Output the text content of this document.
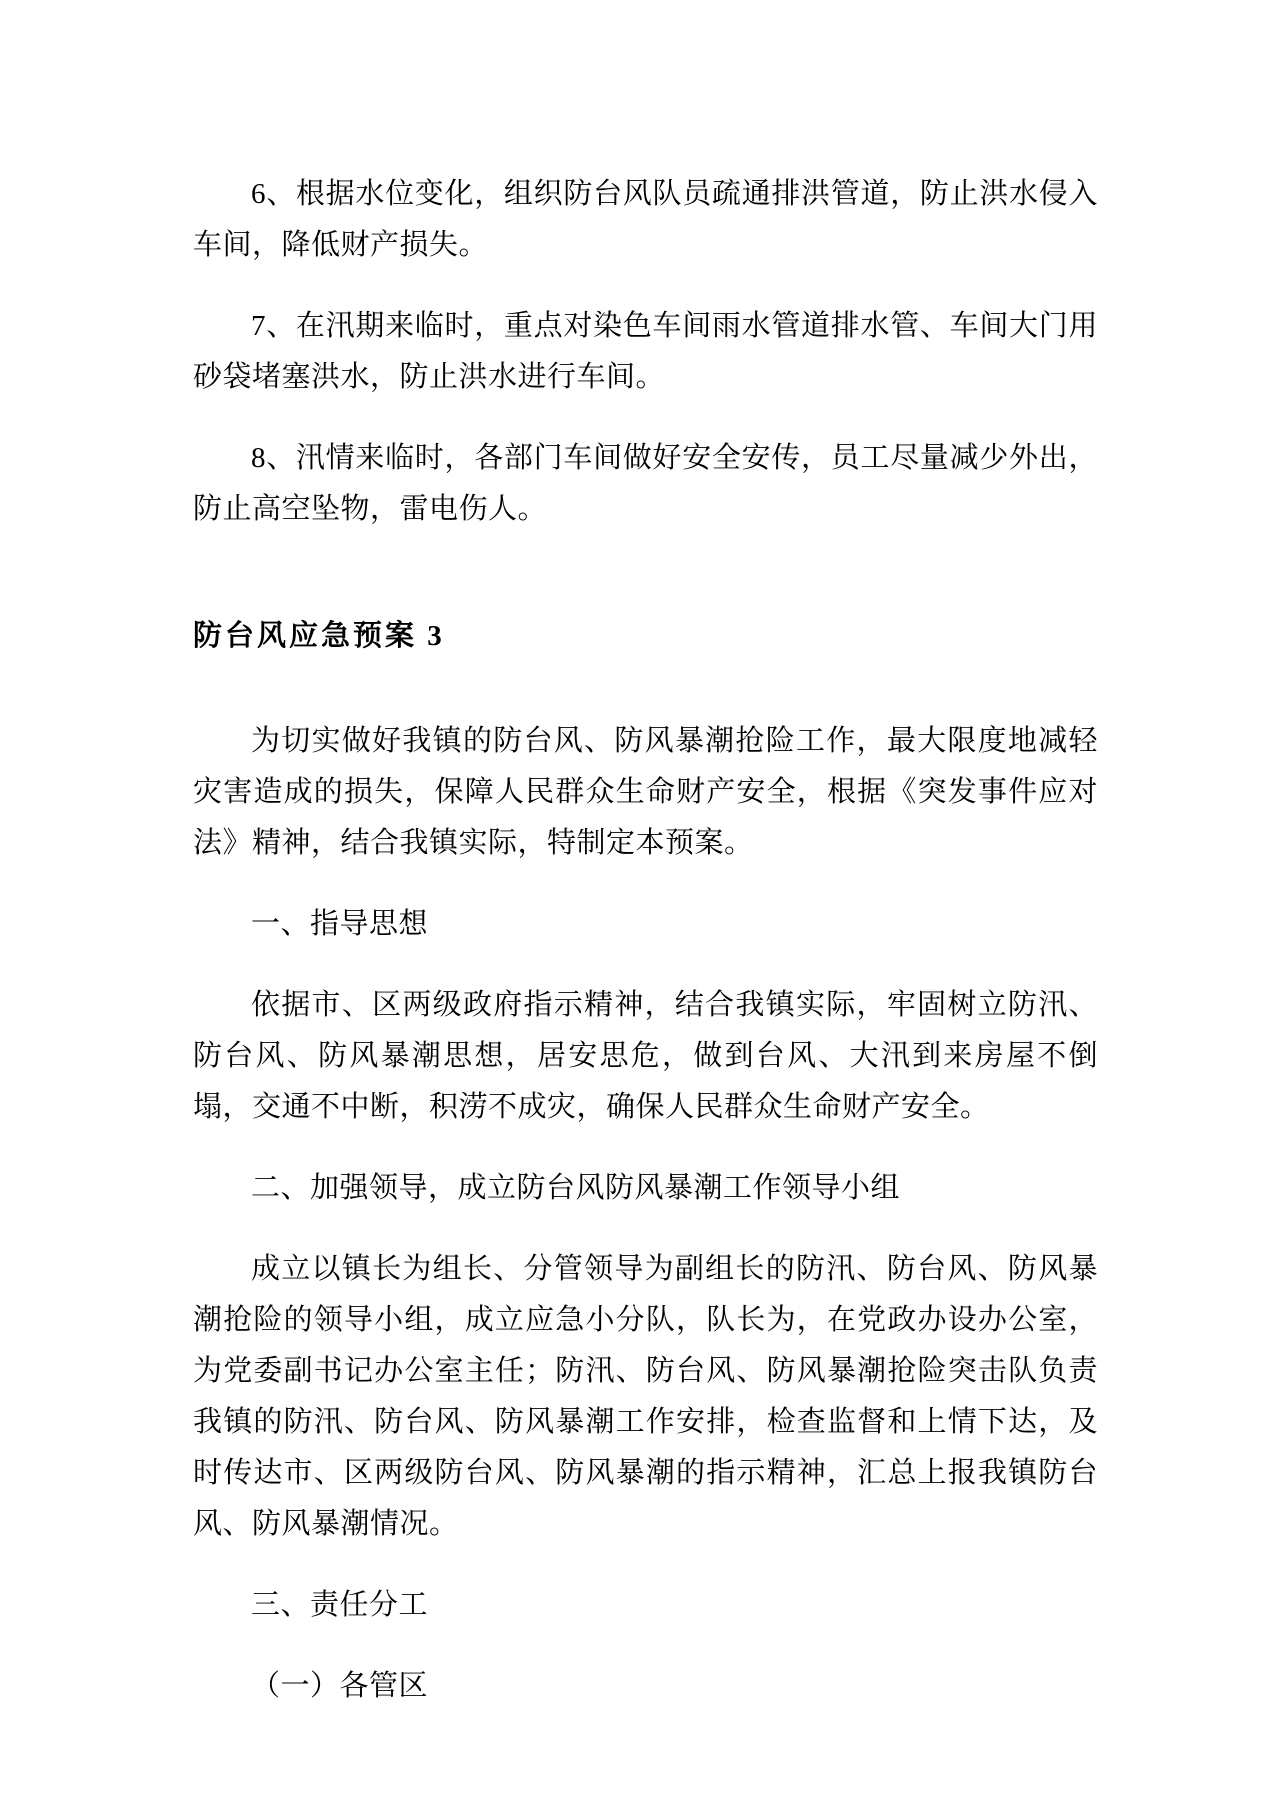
6、根据水位变化，组织防台风队员疏通排洪管道，防止洪水侵入车间，降低财产损失。

7、在汛期来临时，重点对染色车间雨水管道排水管、车间大门用砂袋堵塞洪水，防止洪水进行车间。

8、汛情来临时，各部门车间做好安全安传，员工尽量减少外出，防止高空坠物，雷电伤人。

防台风应急预案 3

为切实做好我镇的防台风、防风暴潮抢险工作，最大限度地减轻灾害造成的损失，保障人民群众生命财产安全，根据《突发事件应对法》精神，结合我镇实际，特制定本预案。

一、指导思想

依据市、区两级政府指示精神，结合我镇实际，牢固树立防汛、防台风、防风暴潮思想，居安思危，做到台风、大汛到来房屋不倒塌，交通不中断，积涝不成灾，确保人民群众生命财产安全。

二、加强领导，成立防台风防风暴潮工作领导小组

成立以镇长为组长、分管领导为副组长的防汛、防台风、防风暴潮抢险的领导小组，成立应急小分队，队长为，在党政办设办公室，为党委副书记办公室主任；防汛、防台风、防风暴潮抢险突击队负责我镇的防汛、防台风、防风暴潮工作安排，检查监督和上情下达，及时传达市、区两级防台风、防风暴潮的指示精神，汇总上报我镇防台风、防风暴潮情况。

三、责任分工

（一）各管区
